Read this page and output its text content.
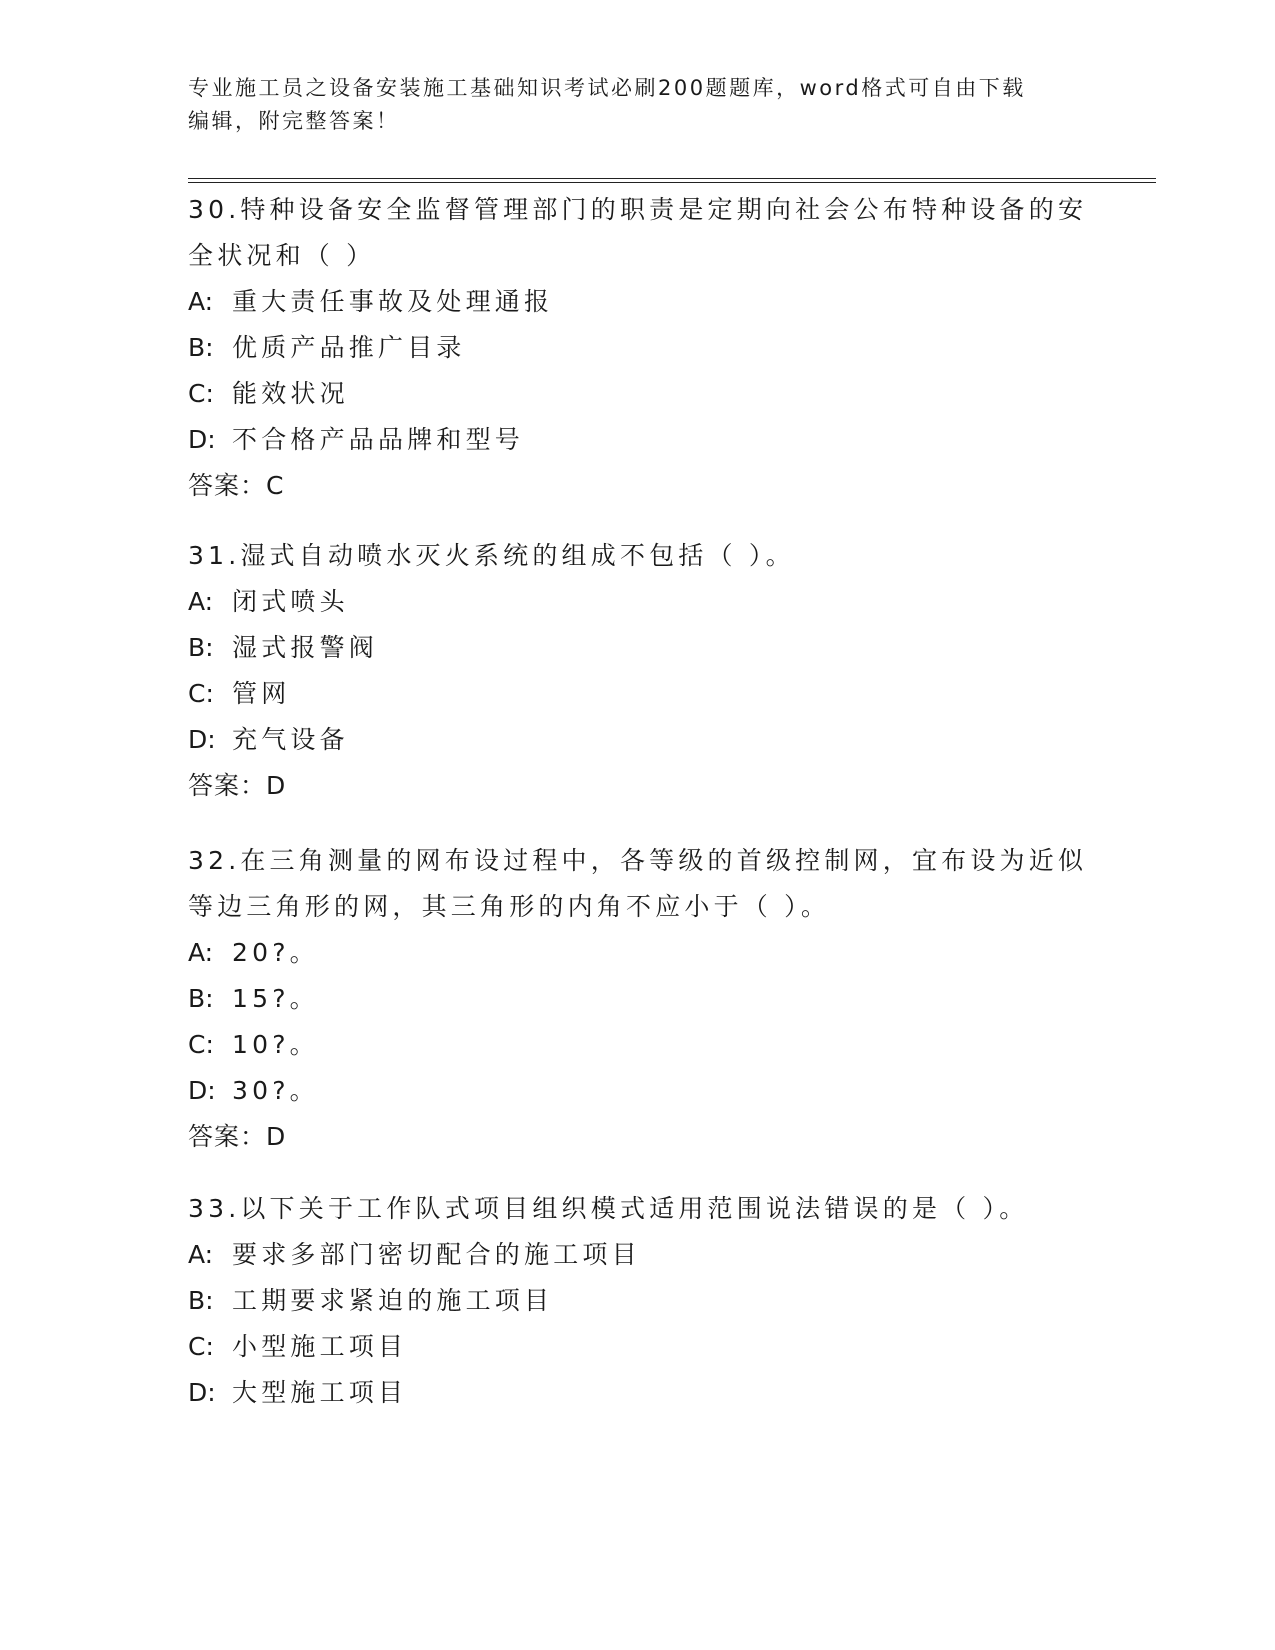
专业施工员之设备安装施工基础知识考试必刷200题题库，word格式可自由下载
编辑，附完整答案！
30.特种设备安全监督管理部门的职责是定期向社会公布特种设备的安
全状况和（ ）
A: 重大责任事故及处理通报
B: 优质产品推广目录
C: 能效状况
D: 不合格产品品牌和型号
答案：C
31.湿式自动喷水灭火系统的组成不包括（ ）。
A: 闭式喷头
B: 湿式报警阀
C: 管网
D: 充气设备
答案：D
32.在三角测量的网布设过程中，各等级的首级控制网，宜布设为近似
等边三角形的网，其三角形的内角不应小于（ ）。
A: 20?。
B: 15?。
C: 10?。
D: 30?。
答案：D
33.以下关于工作队式项目组织模式适用范围说法错误的是（ ）。
A: 要求多部门密切配合的施工项目
B: 工期要求紧迫的施工项目
C: 小型施工项目
D: 大型施工项目
